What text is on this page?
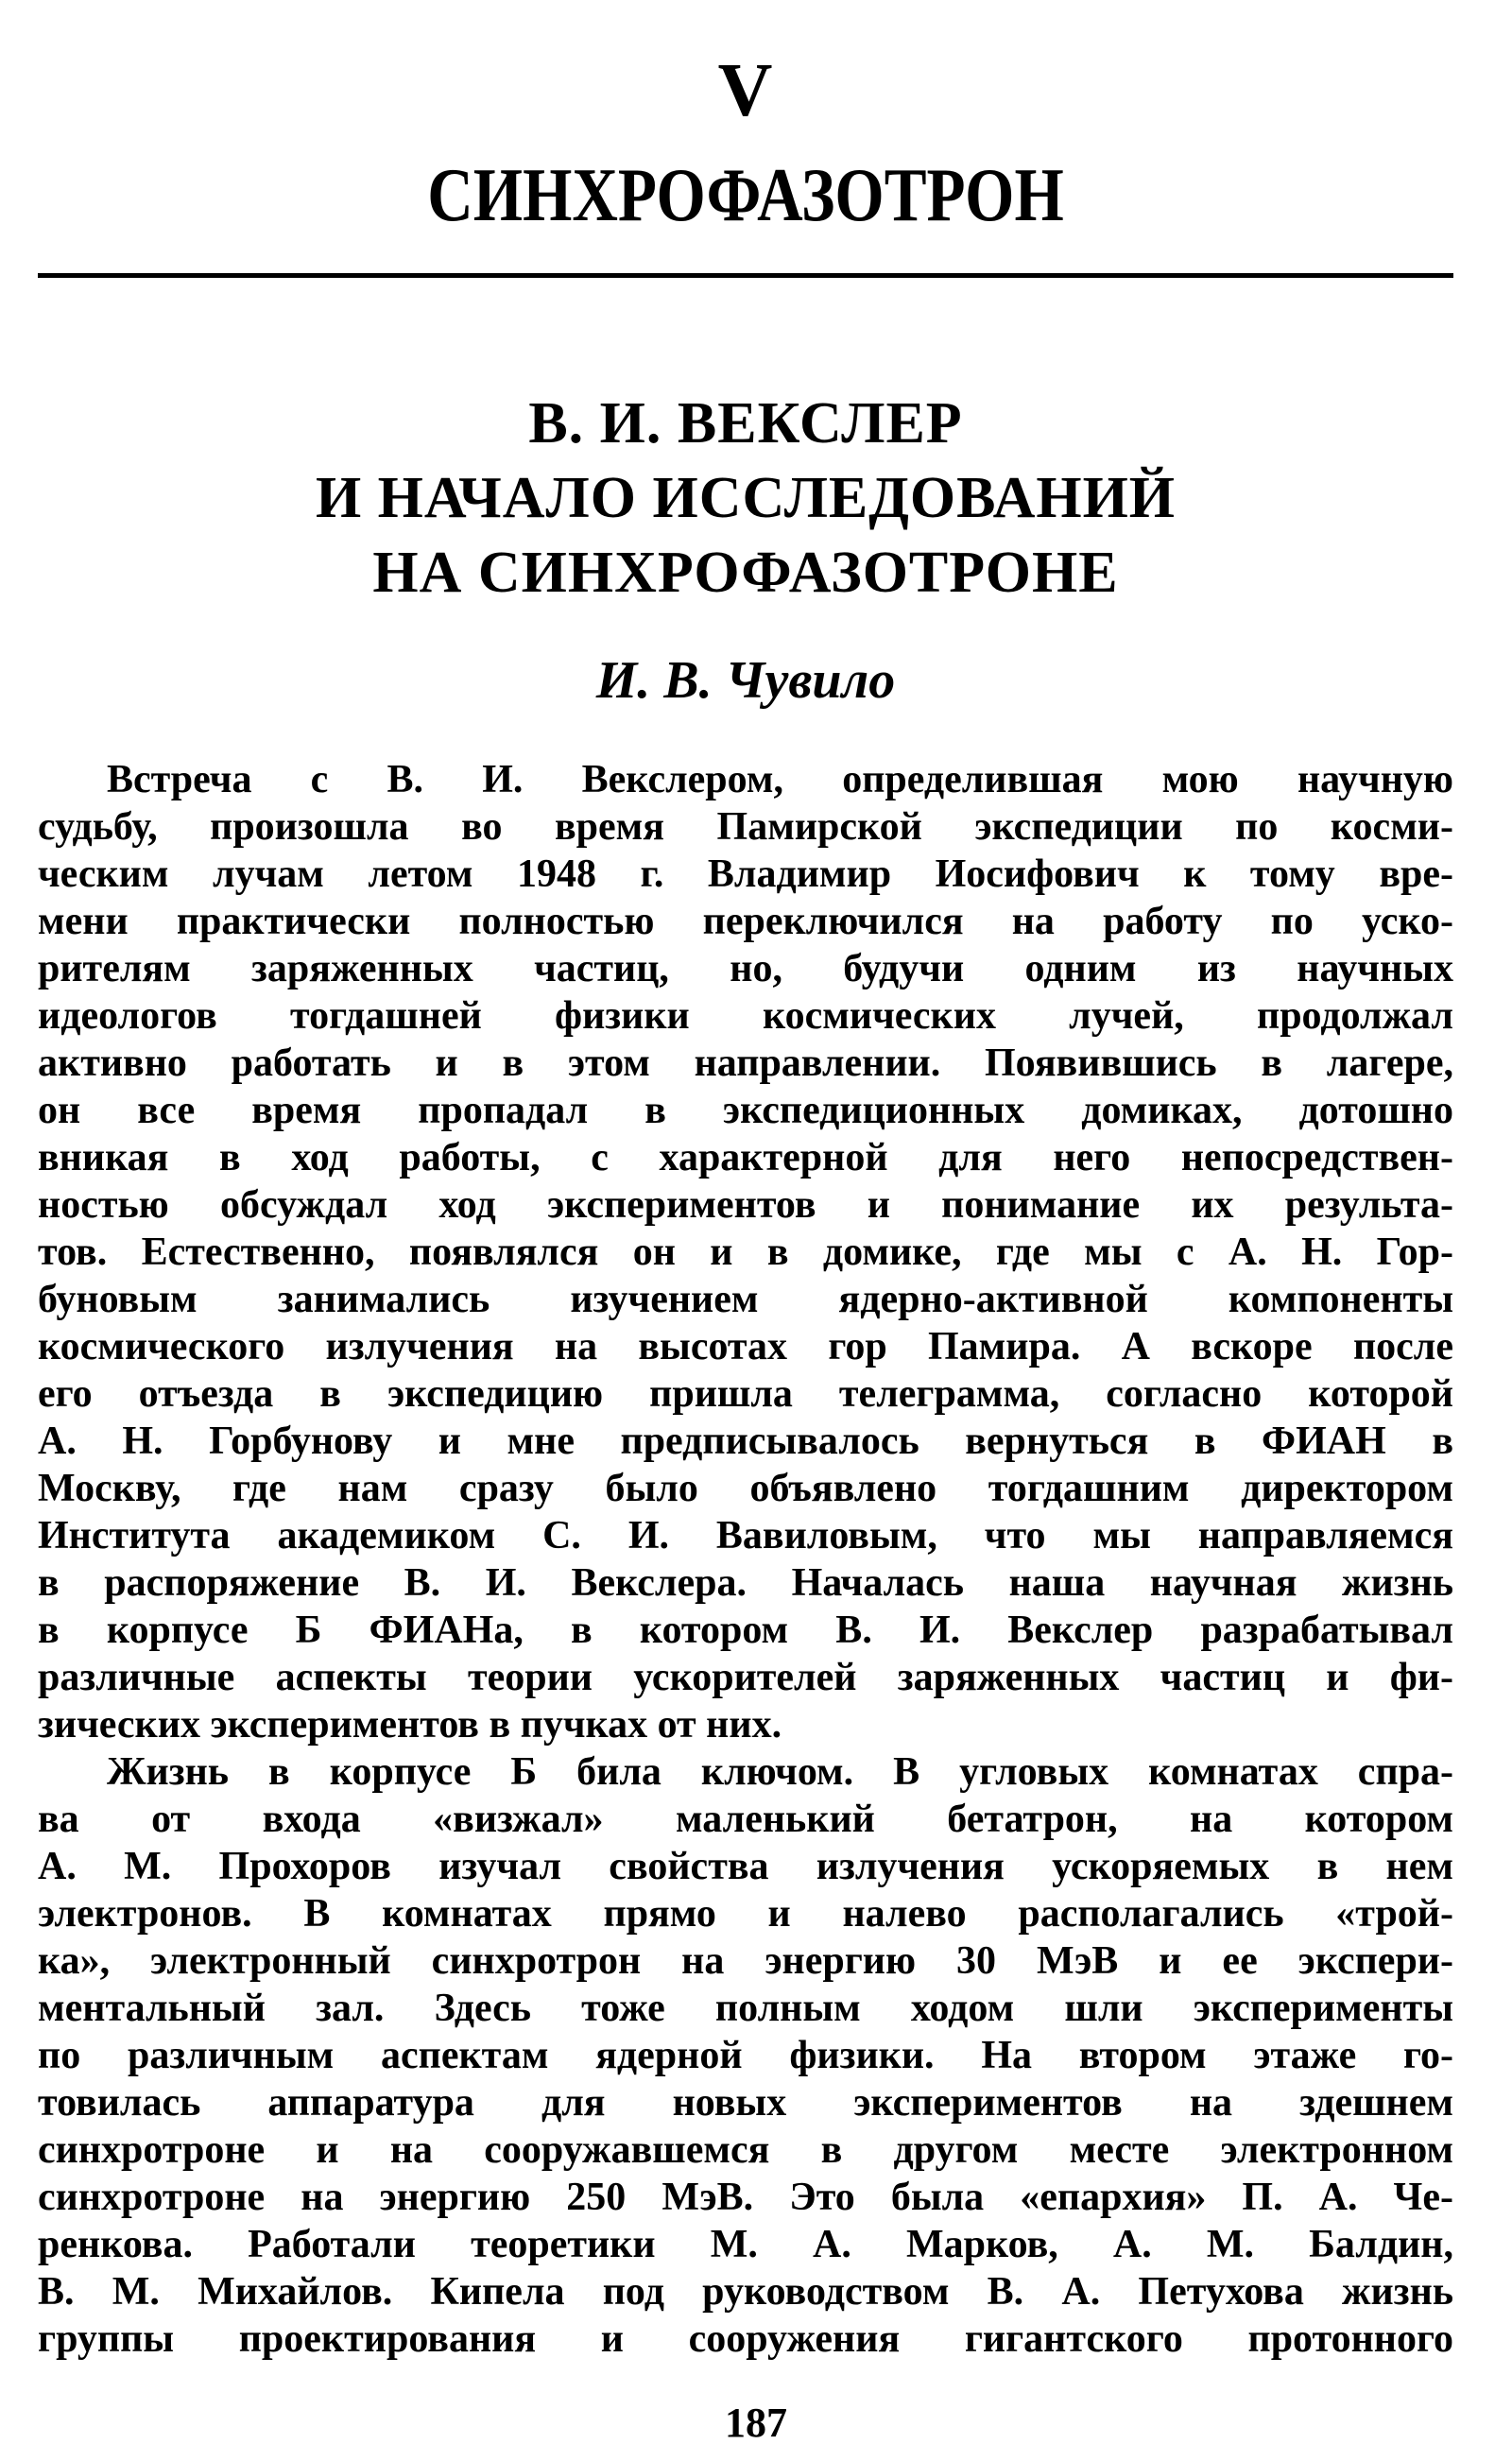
V
СИНХРОФАЗОТРОН
В. И. ВЕКСЛЕР
И НАЧАЛО ИССЛЕДОВАНИЙ
НА СИНХРОФАЗОТРОНЕ
И. В. Чувило
Встреча с В. И. Векслером, определившая мою научную
судьбу, произошла во время Памирской экспедиции по косми-
ческим лучам летом 1948 г. Владимир Иосифович к тому вре-
мени практически полностью переключился на работу по уско-
рителям заряженных частиц, но, будучи одним из научных
идеологов тогдашней физики космических лучей, продолжал
активно работать и в этом направлении. Появившись в лагере,
он все время пропадал в экспедиционных домиках, дотошно
вникая в ход работы, с характерной для него непосредствен-
ностью обсуждал ход экспериментов и понимание их результа-
тов. Естественно, появлялся он и в домике, где мы с А. Н. Гор-
буновым занимались изучением ядерно-активной компоненты
космического излучения на высотах гор Памира. А вскоре после
его отъезда в экспедицию пришла телеграмма, согласно которой
А. Н. Горбунову и мне предписывалось вернуться в ФИАН в
Москву, где нам сразу было объявлено тогдашним директором
Института академиком С. И. Вавиловым, что мы направляемся
в распоряжение В. И. Векслера. Началась наша научная жизнь
в корпусе Б ФИАНа, в котором В. И. Векслер разрабатывал
различные аспекты теории ускорителей заряженных частиц и фи-
зических экспериментов в пучках от них.
Жизнь в корпусе Б била ключом. В угловых комнатах спра-
ва от входа «визжал» маленький бетатрон, на котором
А. М. Прохоров изучал свойства излучения ускоряемых в нем
электронов. В комнатах прямо и налево располагались «трой-
ка», электронный синхротрон на энергию 30 МэВ и ее экспери-
ментальный зал. Здесь тоже полным ходом шли эксперименты
по различным аспектам ядерной физики. На втором этаже го-
товилась аппаратура для новых экспериментов на здешнем
синхротроне и на сооружавшемся в другом месте электронном
синхротроне на энергию 250 МэВ. Это была «епархия» П. А. Че-
ренкова. Работали теоретики М. А. Марков, А. М. Балдин,
В. М. Михайлов. Кипела под руководством В. А. Петухова жизнь
группы проектирования и сооружения гигантского протонного
187
